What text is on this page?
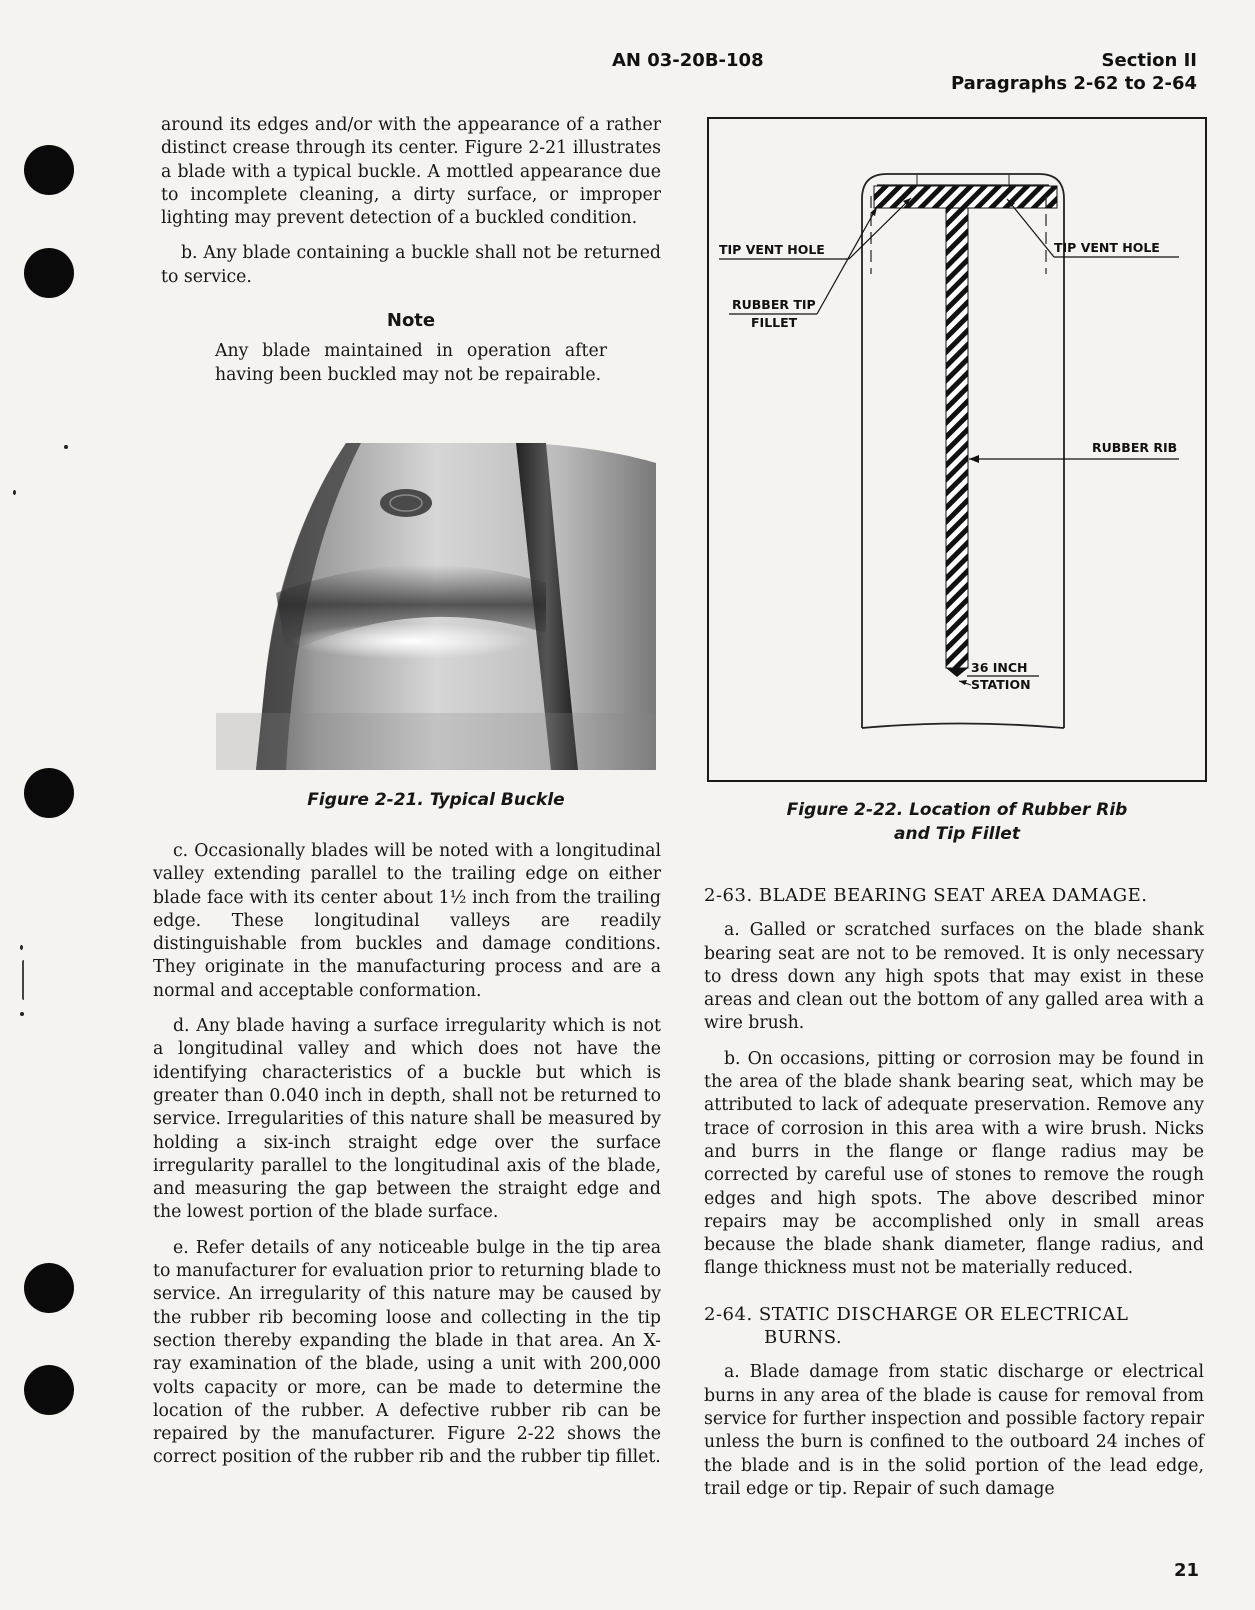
AN 03-20B-108	Section II
Paragraphs 2-62 to 2-64

around its edges and/or with the appearance of a rather distinct crease through its center. Figure 2-21 illustrates a blade with a typical buckle. A mottled appearance due to incomplete cleaning, a dirty surface, or improper lighting may prevent detection of a buckled condition.

b. Any blade containing a buckle shall not be returned to service.

Note
Any blade maintained in operation after having been buckled may not be repairable.
Figure 2-21. Typical Buckle

c. Occasionally blades will be noted with a longitudinal valley extending parallel to the trailing edge on either blade face with its center about 1½ inch from the trailing edge. These longitudinal valleys are readily distinguishable from buckles and damage conditions. They originate in the manufacturing process and are a normal and acceptable conformation.

d. Any blade having a surface irregularity which is not a longitudinal valley and which does not have the identifying characteristics of a buckle but which is greater than 0.040 inch in depth, shall not be returned to service. Irregularities of this nature shall be measured by holding a six-inch straight edge over the surface irregularity parallel to the longitudinal axis of the blade, and measuring the gap between the straight edge and the lowest portion of the blade surface.

e. Refer details of any noticeable bulge in the tip area to manufacturer for evaluation prior to returning blade to service. An irregularity of this nature may be caused by the rubber rib becoming loose and collecting in the tip section thereby expanding the blade in that area. An X-ray examination of the blade, using a unit with 200,000 volts capacity or more, can be made to determine the location of the rubber. A defective rubber rib can be repaired by the manufacturer. Figure 2-22 shows the correct position of the rubber rib and the rubber tip fillet.

TIP VENT HOLE	TIP VENT HOLE
RUBBER TIP
FILLET
RUBBER RIB
36 INCH
STATION
Figure 2-22. Location of Rubber Rib
and Tip Fillet

2-63. BLADE BEARING SEAT AREA DAMAGE.

a. Galled or scratched surfaces on the blade shank bearing seat are not to be removed. It is only necessary to dress down any high spots that may exist in these areas and clean out the bottom of any galled area with a wire brush.

b. On occasions, pitting or corrosion may be found in the area of the blade shank bearing seat, which may be attributed to lack of adequate preservation. Remove any trace of corrosion in this area with a wire brush. Nicks and burrs in the flange or flange radius may be corrected by careful use of stones to remove the rough edges and high spots. The above described minor repairs may be accomplished only in small areas because the blade shank diameter, flange radius, and flange thickness must not be materially reduced.

2-64. STATIC DISCHARGE OR ELECTRICAL BURNS.

a. Blade damage from static discharge or electrical burns in any area of the blade is cause for removal from service for further inspection and possible factory repair unless the burn is confined to the outboard 24 inches of the blade and is in the solid portion of the lead edge, trail edge or tip. Repair of such damage

21
